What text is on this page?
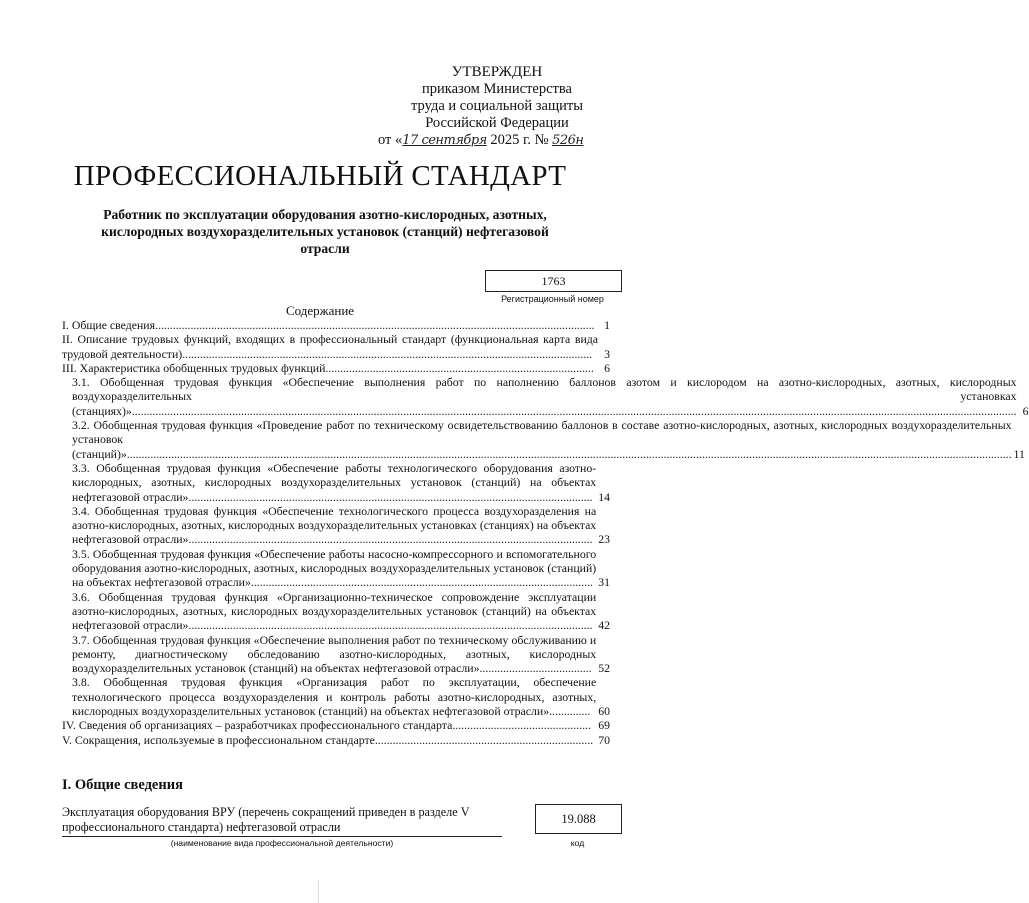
УТВЕРЖДЕН
приказом Министерства
труда и социальной защиты
Российской Федерации
от «17 сентября 2025 г. № 526н
ПРОФЕССИОНАЛЬНЫЙ СТАНДАРТ
Работник по эксплуатации оборудования азотно-кислородных, азотных, кислородных воздухоразделительных установок (станций) нефтегазовой отрасли
1763
Регистрационный номер
Содержание
I. Общие сведения..................................................................................................................................................... 1
II. Описание трудовых функций, входящих в профессиональный стандарт (функциональная карта вида трудовой деятельности)...........................................................................................................................................	3
III. Характеристика обобщенных трудовых функций........................................................................................... 6
3.1. Обобщенная трудовая функция «Обеспечение выполнения работ по наполнению баллонов азотом и кислородом на азотно-кислородных, азотных, кислородных воздухоразделительных установках (станциях)»............................................................................................................................................................................................................................................................................................................ 6
3.2. Обобщенная трудовая функция «Проведение работ по техническому освидетельствованию баллонов в составе азотно-кислородных, азотных, кислородных воздухоразделительных установок (станций)»............................................................................................................................................................................................................................................................................................................ 11
3.3. Обобщенная трудовая функция «Обеспечение работы технологического оборудования азотно-кислородных, азотных, кислородных воздухоразделительных установок (станций) на объектах нефтегазовой отрасли»......................................................................................................................................... 14
3.4. Обобщенная трудовая функция «Обеспечение технологического процесса воздухоразделения на азотно-кислородных, азотных, кислородных воздухоразделительных установках (станциях) на объектах нефтегазовой отрасли»......................................................................................................................................... 23
3.5. Обобщенная трудовая функция «Обеспечение работы насосно-компрессорного и вспомогательного оборудования азотно-кислородных, азотных, кислородных воздухоразделительных установок (станций) на объектах нефтегазовой отрасли».................................................................................................................... 31
3.6. Обобщенная трудовая функция «Организационно-техническое сопровождение эксплуатации азотно-кислородных, азотных, кислородных воздухоразделительных установок (станций) на объектах нефтегазовой отрасли»......................................................................................................................................... 42
3.7. Обобщенная трудовая функция «Обеспечение выполнения работ по техническому обслуживанию и ремонту, диагностическому обследованию азотно-кислородных, азотных, кислородных воздухоразделительных установок (станций) на объектах нефтегазовой отрасли»...................................... 52
3.8. Обобщенная трудовая функция «Организация работ по эксплуатации, обеспечение технологического процесса воздухоразделения и контроль работы азотно-кислородных, азотных, кислородных воздухоразделительных установок (станций) на объектах нефтегазовой отрасли».............. 60
IV. Сведения об организациях – разработчиках профессионального стандарта............................................... 69
V. Сокращения, используемые в профессиональном стандарте.......................................................................... 70
I. Общие сведения
Эксплуатация оборудования ВРУ (перечень сокращений приведен в разделе V профессионального стандарта) нефтегазовой отрасли
(наименование вида профессиональной деятельности)
19.088
код
